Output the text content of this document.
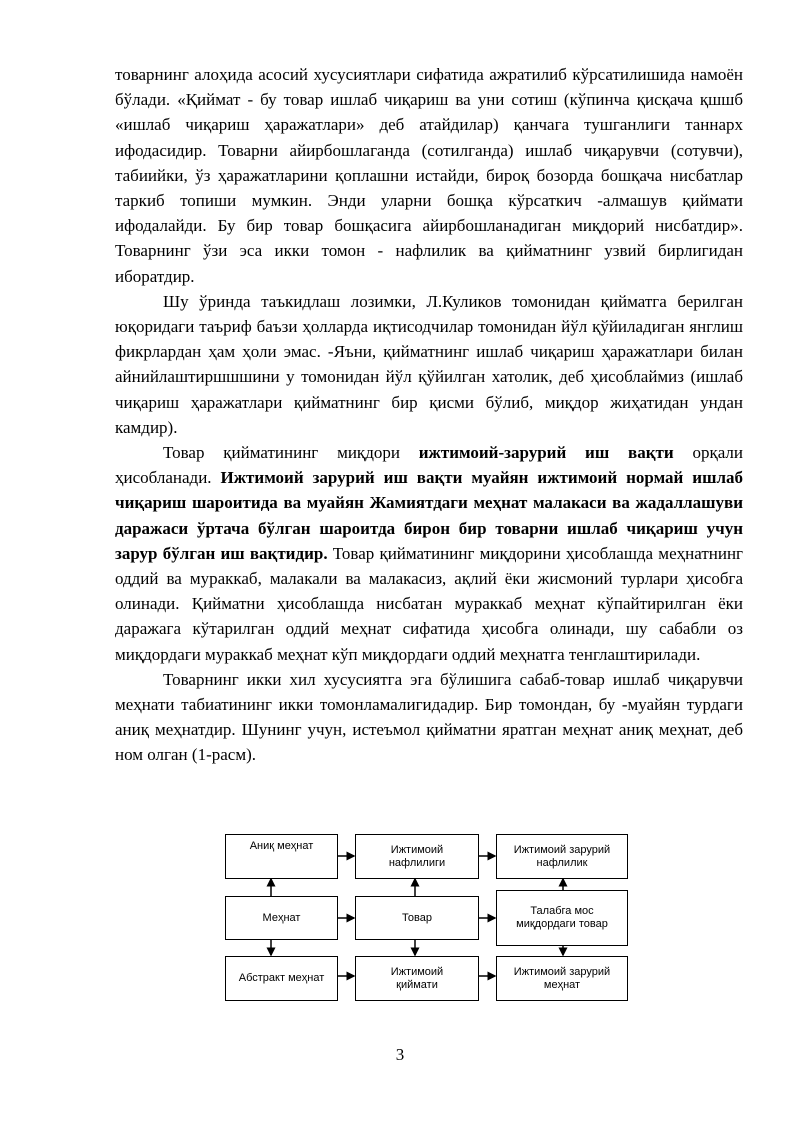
товарнинг алоҳида асосий хусусиятлари сифатида ажратилиб кўрсатилишида намоён бўлади. «Қиймат - бу товар ишлаб чиқариш ва уни сотиш (кўпинча қисқача қшшб «ишлаб чиқариш ҳаражатлари» деб атайдилар) қанчага тушганлиги таннарх ифодасидир. Товарни айирбошлаганда (сотилганда) ишлаб чиқарувчи (сотувчи), табиийки, ўз ҳаражатларини қоплашни истайди, бироқ бозорда бошқача нисбатлар таркиб топиши мумкин. Энди уларни бошқа кўрсаткич -алмашув қиймати ифодалайди. Бу бир товар бошқасига айирбошланадиган миқдорий нисбатдир». Товарнинг ўзи эса икки томон - нафлилик ва қийматнинг узвий бирлигидан иборатдир.

Шу ўринда таъкидлаш лозимки, Л.Куликов томонидан қийматга берилган юқоридаги таъриф баъзи ҳолларда иқтисодчилар томонидан йўл қўйиладиган янглиш фикрлардан ҳам ҳоли эмас. -Яъни, қийматнинг ишлаб чиқариш ҳаражатлари билан айнийлаштиршшшини у томонидан йўл қўйилган хатолик, деб ҳисоблаймиз (ишлаб чиқариш ҳаражатлари қийматнинг бир қисми бўлиб, миқдор жиҳатидан ундан камдир).

Товар қийматининг миқдори ижтимоий-зарурий иш вақти орқали ҳисобланади. Ижтимоий зарурий иш вақти муайян ижтимоий нормай ишлаб чиқариш шароитида ва муайян Жамиятдаги меҳнат малакаси ва жадаллашуви даражаси ўртача бўлган шароитда бирон бир товарни ишлаб чиқариш учун зарур бўлган иш вақтидир. Товар қийматининг миқдорини ҳисоблашда меҳнатнинг оддий ва мураккаб, малакали ва малакасиз, ақлий ёки жисмоний турлари ҳисобга олинади. Қийматни ҳисоблашда нисбатан мураккаб меҳнат кўпайтирилган ёки даражага кўтарилган оддий меҳнат сифатида ҳисобга олинади, шу сабабли оз миқдордаги мураккаб меҳнат кўп миқдордаги оддий меҳнатга тенглаштирилади.

Товарнинг икки хил хусусиятга эга бўлишига сабаб-товар ишлаб чиқарувчи меҳнати табиатининг икки томонламалигидадир. Бир томондан, бу -муайян турдаги аниқ меҳнатдир. Шунинг учун, истеъмол қийматни яратган меҳнат аниқ меҳнат, деб ном олган (1-расм).

Аниқ меҳнат	Ижтимоий
нафлилиги
Ижтимоий зарурий
нафлилик
Меҳнат	Товар
Талабга мос
миқдордаги товар
Абстракт меҳнат
Ижтимоий
қиймати
Ижтимоий зарурий
меҳнат
3
